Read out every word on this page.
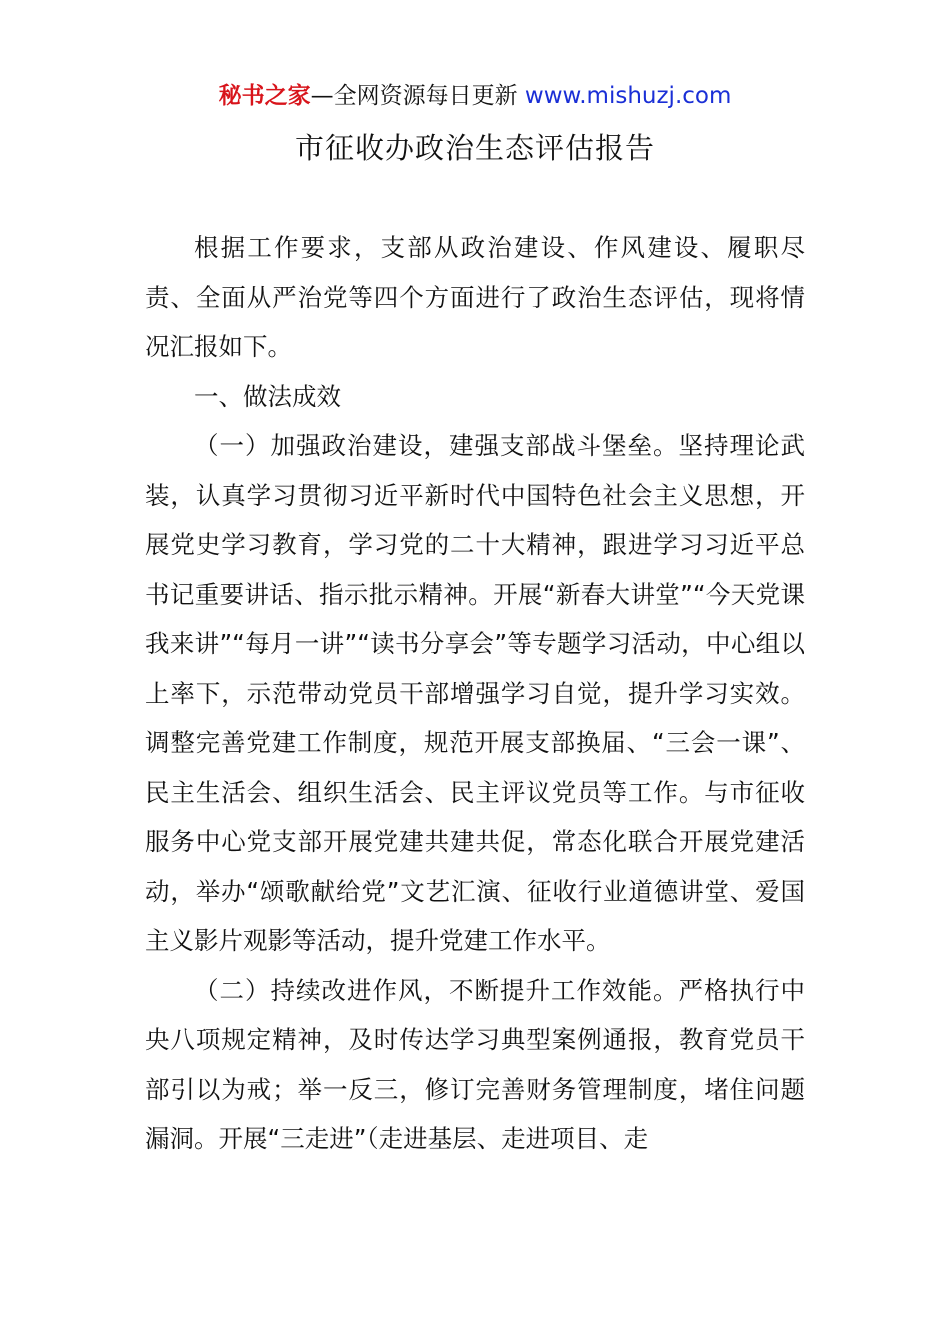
秘书之家—全网资源每日更新 www.mishuzj.com
市征收办政治生态评估报告

根据工作要求，支部从政治建设、作风建设、履职尽责、全面从严治党等四个方面进行了政治生态评估，现将情况汇报如下。

一、做法成效

（一）加强政治建设，建强支部战斗堡垒。坚持理论武装，认真学习贯彻习近平新时代中国特色社会主义思想，开展党史学习教育，学习党的二十大精神，跟进学习习近平总书记重要讲话、指示批示精神。开展“新春大讲堂”“今天党课我来讲”“每月一讲”“读书分享会”等专题学习活动，中心组以上率下，示范带动党员干部增强学习自觉，提升学习实效。调整完善党建工作制度，规范开展支部换届、“三会一课”、民主生活会、组织生活会、民主评议党员等工作。与市征收服务中心党支部开展党建共建共促，常态化联合开展党建活动，举办“颂歌献给党”文艺汇演、征收行业道德讲堂、爱国主义影片观影等活动，提升党建工作水平。

（二）持续改进作风，不断提升工作效能。严格执行中央八项规定精神，及时传达学习典型案例通报，教育党员干部引以为戒；举一反三，修订完善财务管理制度，堵住问题漏洞。开展“三走进”（走进基层、走进项目、走
